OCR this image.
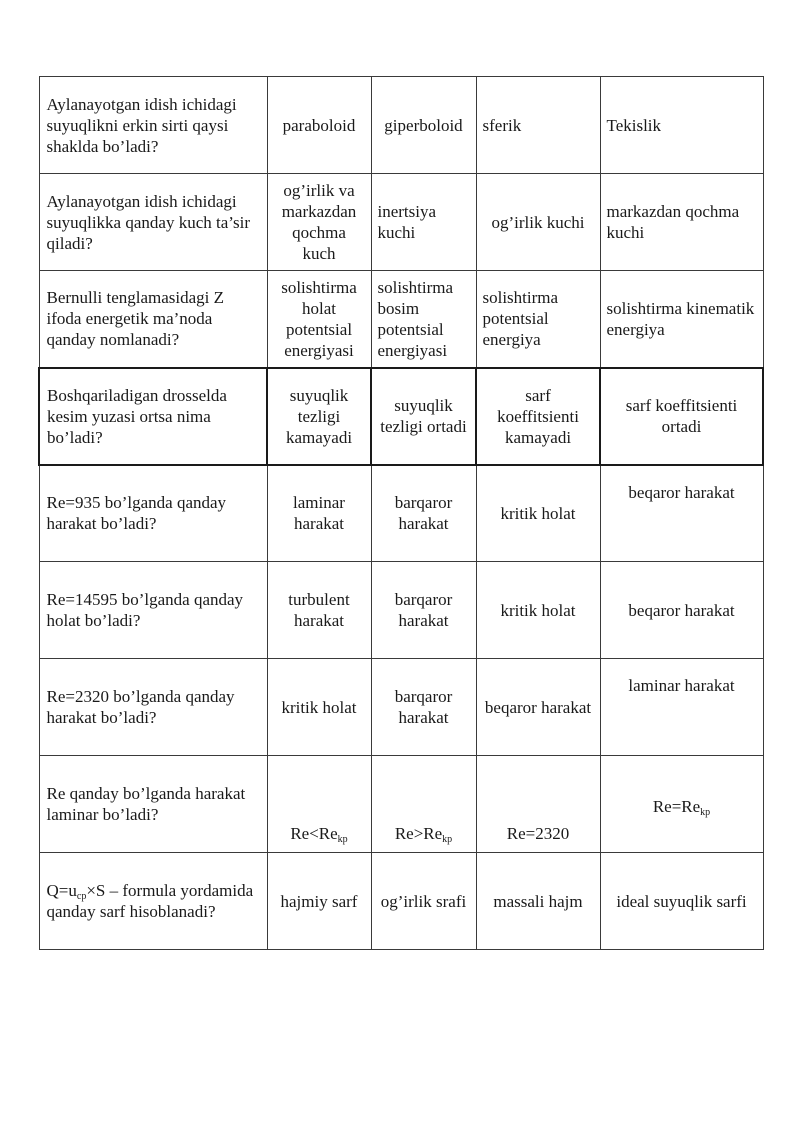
Aylanayotgan idish ichidagi suyuqlikni erkin sirti qaysi shaklda bo’ladi?	paraboloid	giperboloid	sferik	Tekislik
Aylanayotgan idish ichidagi suyuqlikka qanday kuch ta’sir qiladi?	og’irlik va markazdan qochma kuch	inertsiya kuchi	og’irlik kuchi	markazdan qochma kuchi
Bernulli tenglamasidagi Z ifoda energetik ma’noda qanday nomlanadi?	solishtirma holat potentsial energiyasi	solishtirma bosim potentsial energiyasi	solishtirma potentsial energiya	solishtirma kinematik energiya
Boshqariladigan drosselda kesim yuzasi ortsa nima bo’ladi?	suyuqlik tezligi kamayadi	suyuqlik tezligi ortadi	sarf koeffitsienti kamayadi	sarf koeffitsienti ortadi
Re=935 bo’lganda qanday harakat bo’ladi?	laminar harakat	barqaror harakat	kritik holat	beqaror harakat
Re=14595 bo’lganda qanday holat bo’ladi?	turbulent harakat	barqaror harakat	kritik holat	beqaror harakat
Re=2320 bo’lganda qanday harakat bo’ladi?	kritik holat	barqaror harakat	beqaror harakat	laminar harakat
Re qanday bo’lganda harakat laminar bo’ladi?	$Re<Re_{kp}$	$Re>Re_{kp}$	Re=2320	$Re=Re_{kp}$
$Q=u_{cp}\times S$ – formula yordamida qanday sarf hisoblanadi?	hajmiy sarf	og’irlik srafi	massali hajm	ideal suyuqlik sarfi
